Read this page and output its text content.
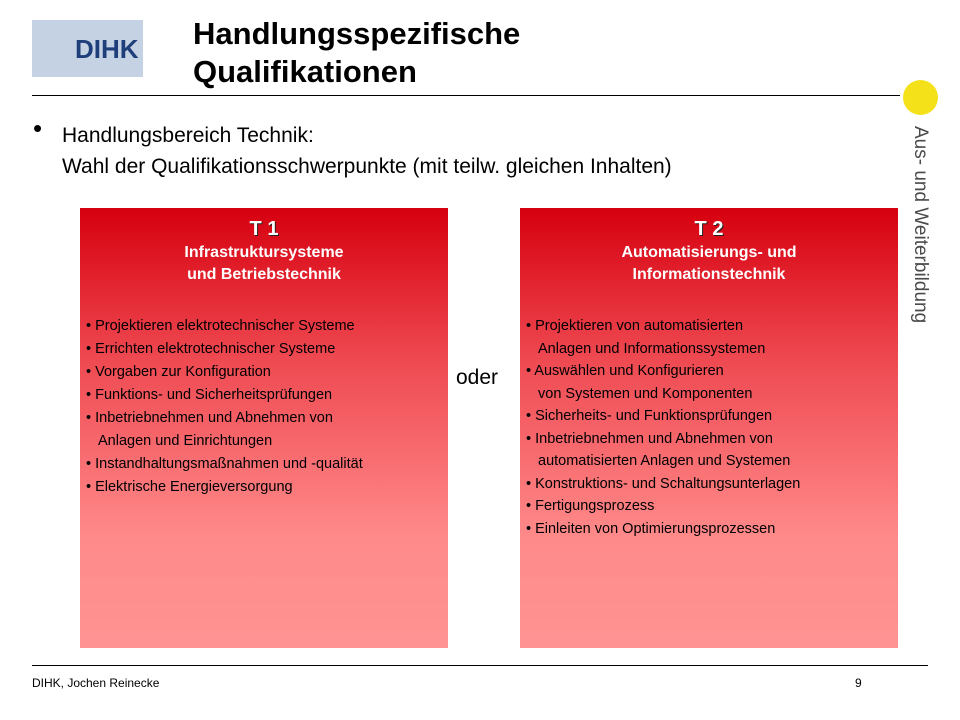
DIHK Handlungsspezifische
Qualifikationen
Aus- und Weiterbildung
• Handlungsbereich Technik:
Wahl der Qualifikationsschwerpunkte (mit teilw. gleichen Inhalten)
T 1
Infrastruktursysteme
und Betriebstechnik
• Projektieren elektrotechnischer Systeme
• Errichten elektrotechnischer Systeme
• Vorgaben zur Konfiguration
• Funktions- und Sicherheitsprüfungen
• Inbetriebnehmen und Abnehmen von
Anlagen und Einrichtungen
• Instandhaltungsmaßnahmen und -qualität
• Elektrische Energieversorgung
oder
T 2
Automatisierungs- und
Informationstechnik
• Projektieren von automatisierten
Anlagen und Informationssystemen
• Auswählen und Konfigurieren
von Systemen und Komponenten
• Sicherheits- und Funktionsprüfungen
• Inbetriebnehmen und Abnehmen von
automatisierten Anlagen und Systemen
• Konstruktions- und Schaltungsunterlagen
• Fertigungsprozess
• Einleiten von Optimierungsprozessen
DIHK, Jochen Reinecke	9
